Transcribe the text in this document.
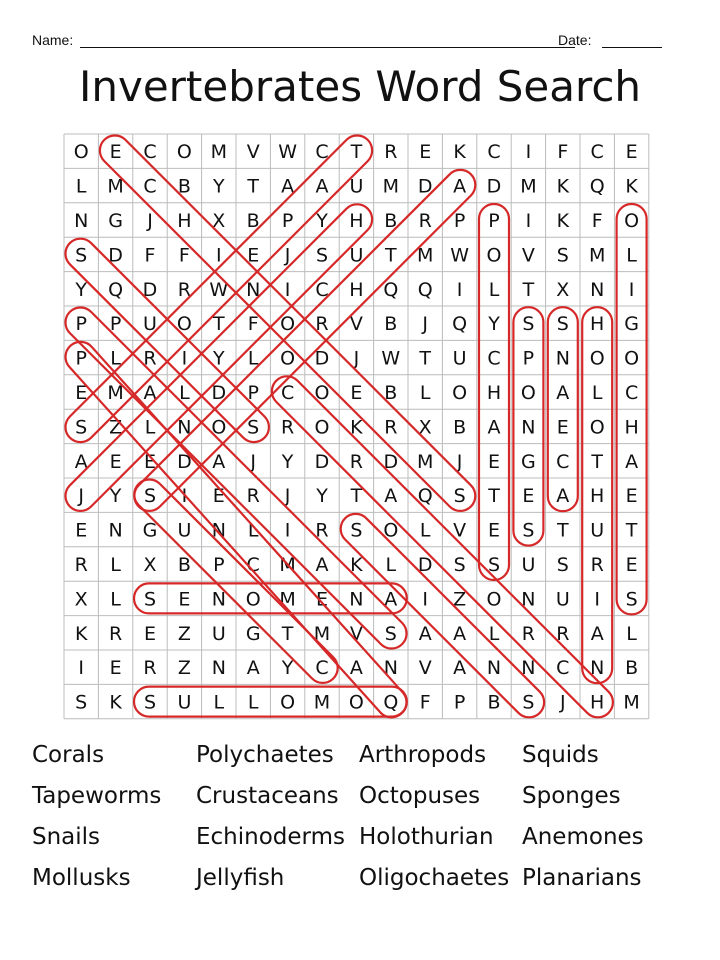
Name:	Date:
Invertebrates Word Search
O E C O M V W C T R E K C I F C E
L M C B Y T A A U M D A D M K Q K
N G J H X B P Y H B R P P I K F O
S D F F I E J S U T M W O V S M L
Y Q D R W N I C H Q Q I L T X N I
P P U O T F O R V B J Q Y S S H G
P L R I Y L O D J W T U C P N O O
E M A L D P C O E B L O H O A L C
S Z L N O S R O K R X B A N E O H
A E E D A J Y D R D M J E G C T A
J Y S I E R J Y T A Q S T E A H E
E N G U N L I R S O L V E S T U T
R L X B P C M A K L D S S U S R E
X L S E N O M E N A I Z O N U I S
K R E Z U G T M V S A A L R R A L
I E R Z N A Y C A N V A N N C N B
S K S U L L O M O Q F P B S J H M
Corals
Tapeworms
Snails
Mollusks
Polychaetes
Crustaceans
Echinoderms
Jellyfish
Arthropods
Octopuses
Holothurian
Oligochaetes
Squids
Sponges
Anemones
Planarians
